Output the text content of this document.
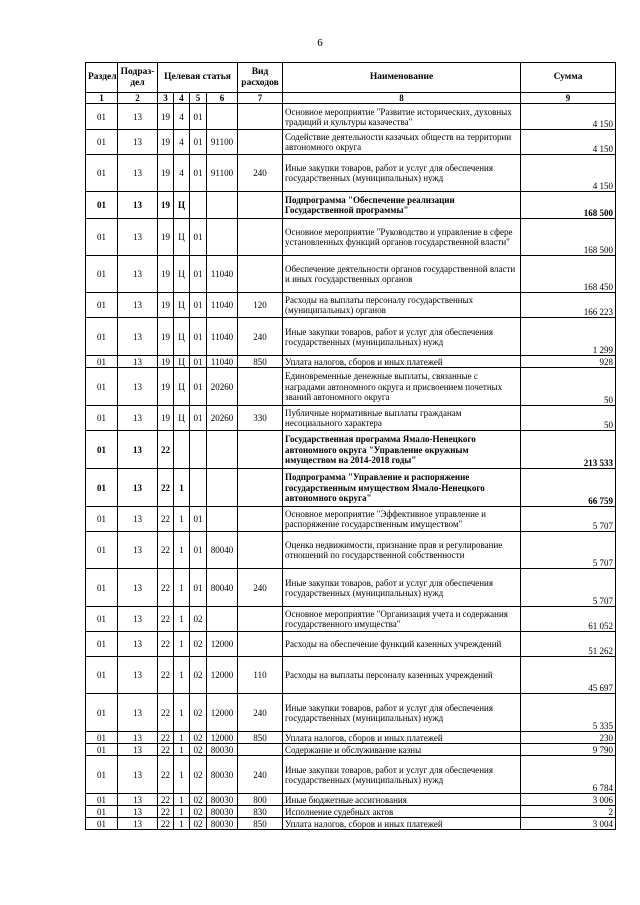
6
Раздел	Подраз-дел	Целевая статья				Вид расходов	Наименование	Сумма
1	2	3	4	5	6	7	8	9
01	13	19	4	01			Основное мероприятие "Развитие исторических, духовных традиций и культуры казачества"	4 150
01	13	19	4	01	91100		Содействие деятельности казачьих обществ на территории автономного округа	4 150
01	13	19	4	01	91100	240	Иные закупки товаров, работ и услуг для обеспечения государственных (муниципальных) нужд	4 150
01	13	19	Ц				Подпрограмма "Обеспечение реализации Государственной программы"	168 500
01	13	19	Ц	01			Основное мероприятие "Руководство и управление в сфере установленных функций органов государственной власти"	168 500
01	13	19	Ц	01	11040		Обеспечение деятельности органов государственной власти и иных государственных органов	168 450
01	13	19	Ц	01	11040	120	Расходы на выплаты персоналу государственных (муниципальных) органов	166 223
01	13	19	Ц	01	11040	240	Иные закупки товаров, работ и услуг для обеспечения государственных (муниципальных) нужд	1 299
01	13	19	Ц	01	11040	850	Уплата налогов, сборов и иных платежей	928
01	13	19	Ц	01	20260		Единовременные денежные выплаты, связанные с наградами автономного округа и присвоением почетных званий автономного округа	50
01	13	19	Ц	01	20260	330	Публичные нормативные выплаты гражданам несоциального характера	50
01	13	22					Государственная программа Ямало-Ненецкого автономного округа "Управление окружным имуществом на 2014-2018 годы"	213 533
01	13	22	1				Подпрограмма "Управление и распоряжение государственным имуществом Ямало-Ненецкого автономного округа"	66 759
01	13	22	1	01			Основное мероприятие "Эффективное управление и распоряжение государственным имуществом"	5 707
01	13	22	1	01	80040		Оценка недвижимости, признание прав и регулирование отношений по государственной собственности	5 707
01	13	22	1	01	80040	240	Иные закупки товаров, работ и услуг для обеспечения государственных (муниципальных) нужд	5 707
01	13	22	1	02			Основное мероприятие "Организация учета и содержания государственного имущества"	61 052
01	13	22	1	02	12000		Расходы на обеспечение функций казенных учреждений	51 262
01	13	22	1	02	12000	110	Расходы на выплаты персоналу казенных учреждений	45 697
01	13	22	1	02	12000	240	Иные закупки товаров, работ и услуг для обеспечения государственных (муниципальных) нужд	5 335
01	13	22	1	02	12000	850	Уплата налогов, сборов и иных платежей	230
01	13	22	1	02	80030		Содержание и обслуживание казны	9 790
01	13	22	1	02	80030	240	Иные закупки товаров, работ и услуг для обеспечения государственных (муниципальных) нужд	6 784
01	13	22	1	02	80030	800	Иные бюджетные ассигнования	3 006
01	13	22	1	02	80030	830	Исполнение судебных актов	2
01	13	22	1	02	80030	850	Уплата налогов, сборов и иных платежей	3 004
